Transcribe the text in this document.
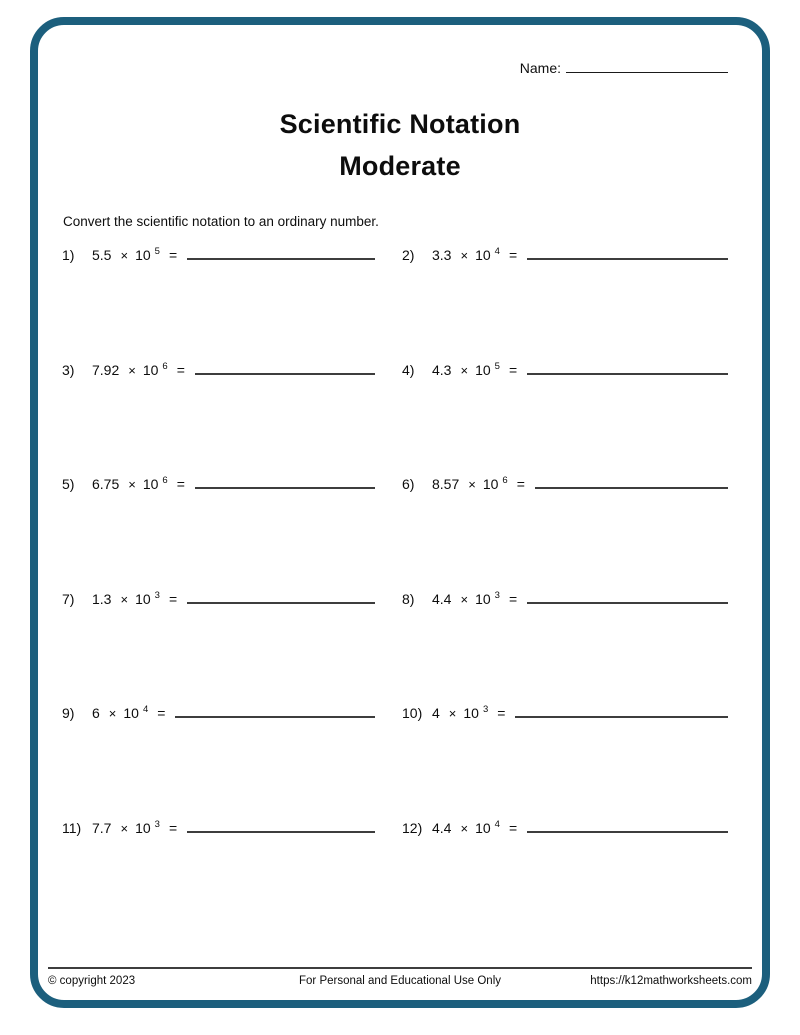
Name:
Scientific Notation
Moderate
Convert the scientific notation to an ordinary number.
1)	5.5 × 10 $^5$ =	2)	3.3 × 10 $^4$ =
3)	7.92 × 10 $^6$ =	4)	4.3 × 10 $^5$ =
5)	6.75 × 10 $^6$ =	6)	8.57 × 10 $^6$ =
7)	1.3 × 10 $^3$ =	8)	4.4 × 10 $^3$ =
9)	6 × 10 $^4$ =	10) 4 × 10 $^3$ =
11) 7.7 × 10 $^3$ =	12) 4.4 × 10 $^4$ =
© copyright 2023	For Personal and Educational Use Only	https://k12mathworksheets.com
